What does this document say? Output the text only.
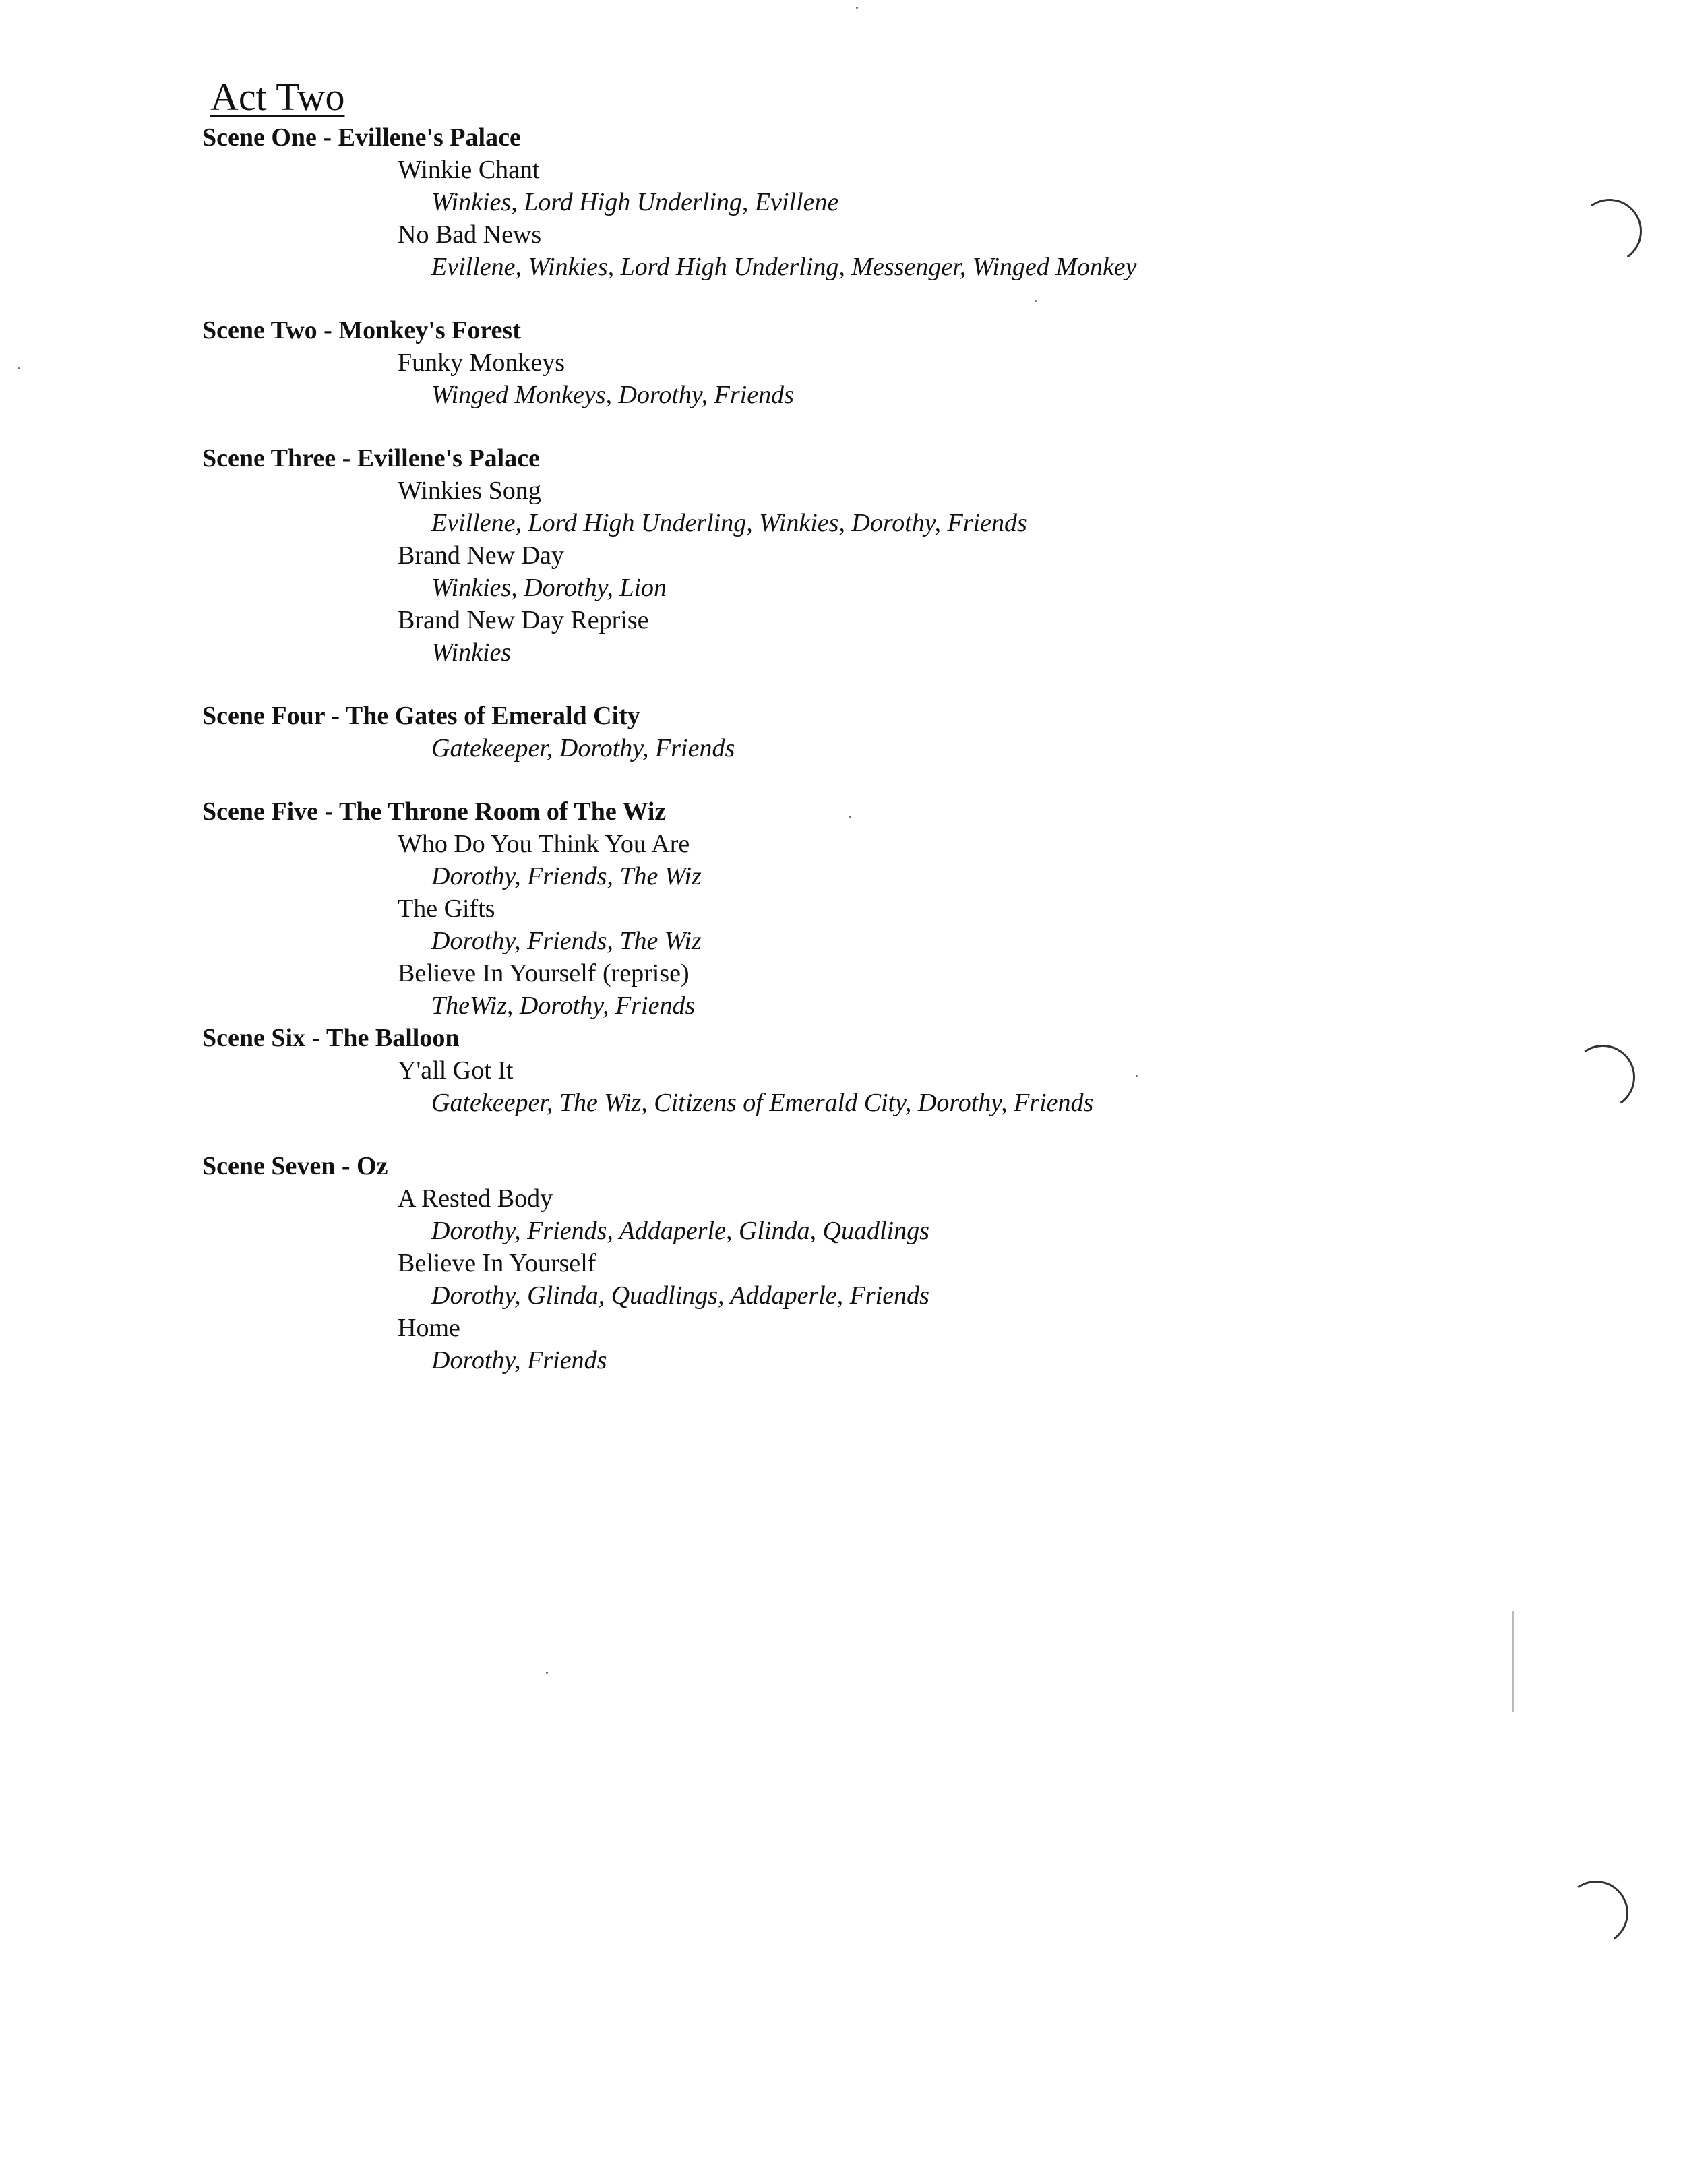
Act Two

Scene One - Evillene's Palace

Winkie Chant
Winkies, Lord High Underling, Evillene
No Bad News
Evillene, Winkies, Lord High Underling, Messenger, Winged Monkey

Scene Two - Monkey's Forest

Funky Monkeys
Winged Monkeys, Dorothy, Friends

Scene Three - Evillene's Palace

Winkies Song
Evillene, Lord High Underling, Winkies, Dorothy, Friends
Brand New Day
Winkies, Dorothy, Lion
Brand New Day Reprise
Winkies

Scene Four - The Gates of Emerald City

Gatekeeper, Dorothy, Friends

Scene Five - The Throne Room of The Wiz

Who Do You Think You Are
Dorothy, Friends, The Wiz
The Gifts
Dorothy, Friends, The Wiz
Believe In Yourself (reprise)
TheWiz, Dorothy, Friends

Scene Six - The Balloon

Y'all Got It
Gatekeeper, The Wiz, Citizens of Emerald City, Dorothy, Friends

Scene Seven - Oz

A Rested Body
Dorothy, Friends, Addaperle, Glinda, Quadlings
Believe In Yourself
Dorothy, Glinda, Quadlings, Addaperle, Friends
Home
Dorothy, Friends
